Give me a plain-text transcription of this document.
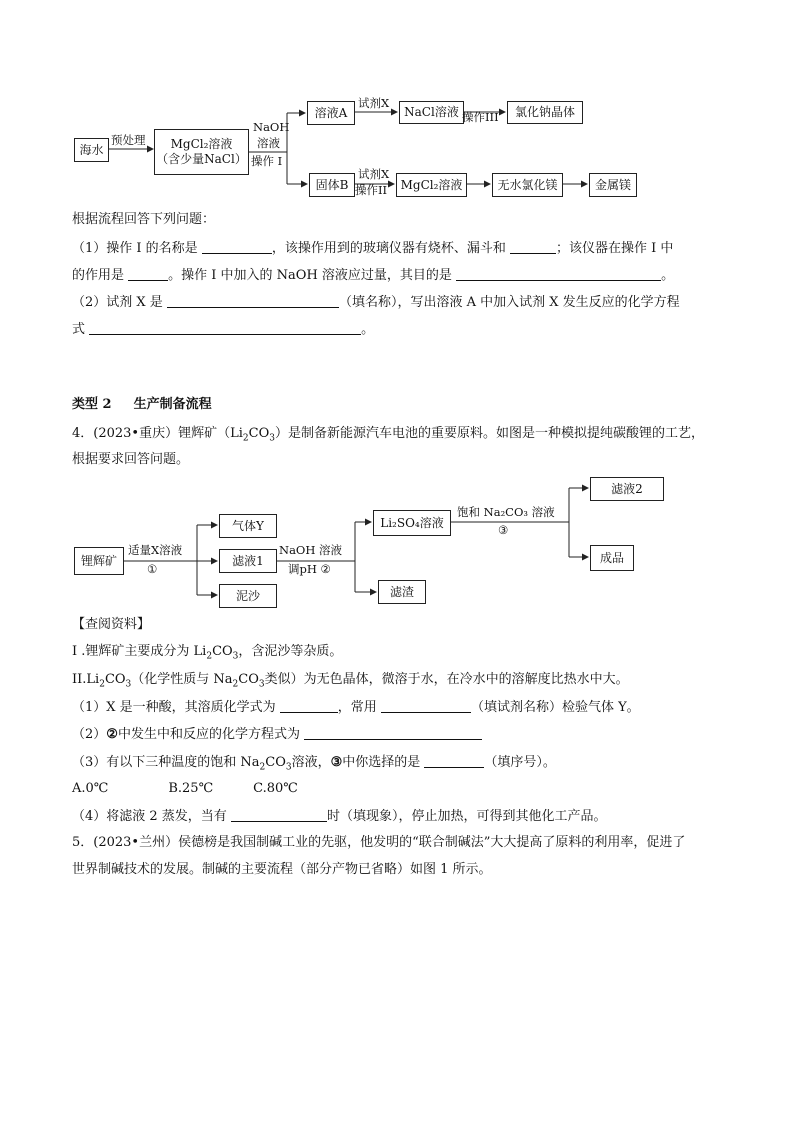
海水
预处理 MgCl₂溶液
（含少量NaCl）
NaOH
溶液
操作 I
溶液A
试剂X
NaCl溶液 操作III 氯化钠晶体
固体B
试剂X
操作II MgCl₂溶液	无水氯化镁	金属镁
根据流程回答下列问题：
（1）操作 I 的名称是	，该操作用到的玻璃仪器有烧杯、漏斗和	；该仪器在操作 I 中
的作用是	。操作 I 中加入的 NaOH 溶液应过量，其目的是	。
（2）试剂 X 是	（填名称），写出溶液 A 中加入试剂 X 发生反应的化学方程
式	。
类型 2 生产制备流程
4．(2023•重庆）锂辉矿$(Li_2CO_3)$是制备新能源汽车电池的重要原料。如图是一种模拟提纯碳酸锂的工艺，
根据要求回答问题。
锂辉矿
适量X溶液
①
气体Y
滤液1
泥沙
NaOH 溶液
调pH ②
Li₂SO₄溶液
饱和 Na₂CO₃ 溶液
③
滤渣
滤液2
成品
【查阅资料】
I .锂辉矿主要成分为 $Li_2CO_3$，含泥沙等杂质。
$II.Li_2CO_3$（化学性质与 $Na_2CO_3$类似）为无色晶体，微溶于水，在冷水中的溶解度比热水中大。
（1）X 是一种酸，其溶质化学式为	，常用	（填试剂名称）检验气体 Y。
（2）②中发生中和反应的化学方程式为
（3）有以下三种温度的饱和 $Na_2CO_3$溶液，③中你选择的是	（填序号）。
A.0℃	B.25℃	C.80℃
（4）将滤液 2 蒸发，当有	时（填现象），停止加热，可得到其他化工产品。
5．(2023•兰州）侯德榜是我国制碱工业的先驱，他发明的“联合制碱法”大大提高了原料的利用率，促进了
世界制碱技术的发展。制碱的主要流程（部分产物已省略）如图 1 所示。
